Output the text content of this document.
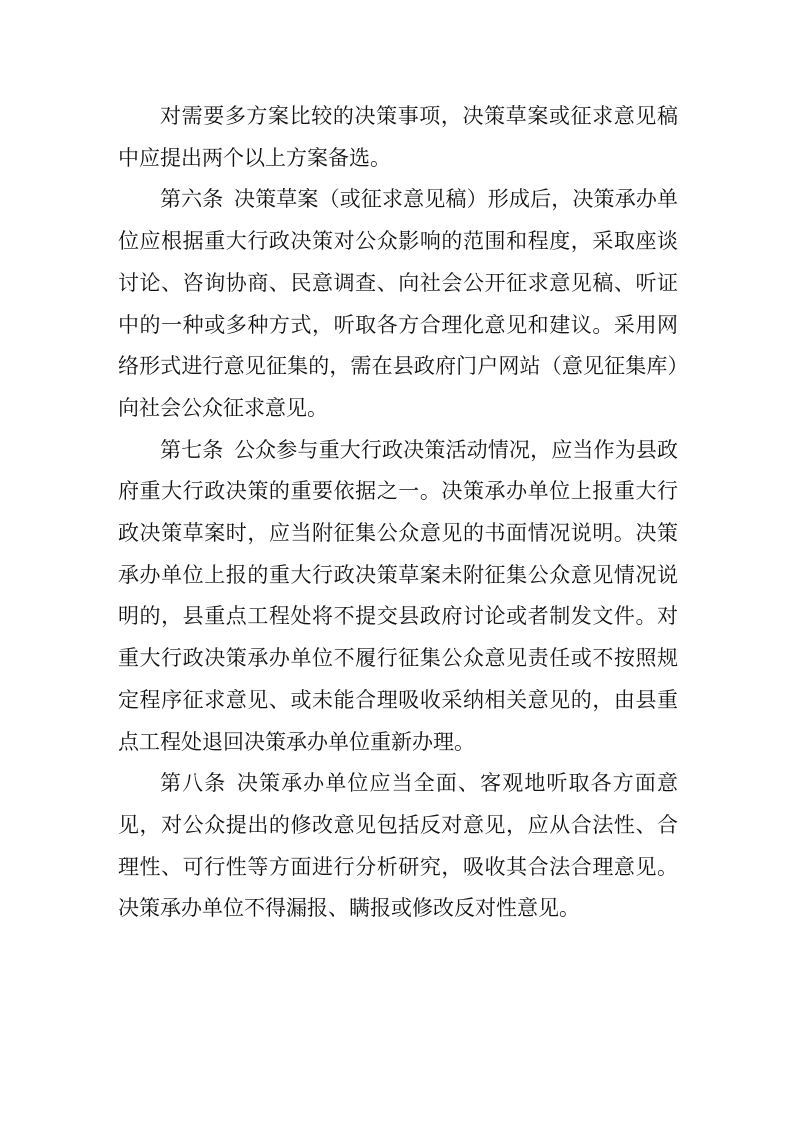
对需要多方案比较的决策事项，决策草案或征求意见稿中应提出两个以上方案备选。

第六条 决策草案（或征求意见稿）形成后，决策承办单位应根据重大行政决策对公众影响的范围和程度，采取座谈讨论、咨询协商、民意调查、向社会公开征求意见稿、听证中的一种或多种方式，听取各方合理化意见和建议。采用网络形式进行意见征集的，需在县政府门户网站（意见征集库）向社会公众征求意见。

第七条 公众参与重大行政决策活动情况，应当作为县政府重大行政决策的重要依据之一。决策承办单位上报重大行政决策草案时，应当附征集公众意见的书面情况说明。决策承办单位上报的重大行政决策草案未附征集公众意见情况说明的，县重点工程处将不提交县政府讨论或者制发文件。对重大行政决策承办单位不履行征集公众意见责任或不按照规定程序征求意见、或未能合理吸收采纳相关意见的，由县重点工程处退回决策承办单位重新办理。

第八条 决策承办单位应当全面、客观地听取各方面意见，对公众提出的修改意见包括反对意见，应从合法性、合理性、可行性等方面进行分析研究，吸收其合法合理意见。决策承办单位不得漏报、瞒报或修改反对性意见。
